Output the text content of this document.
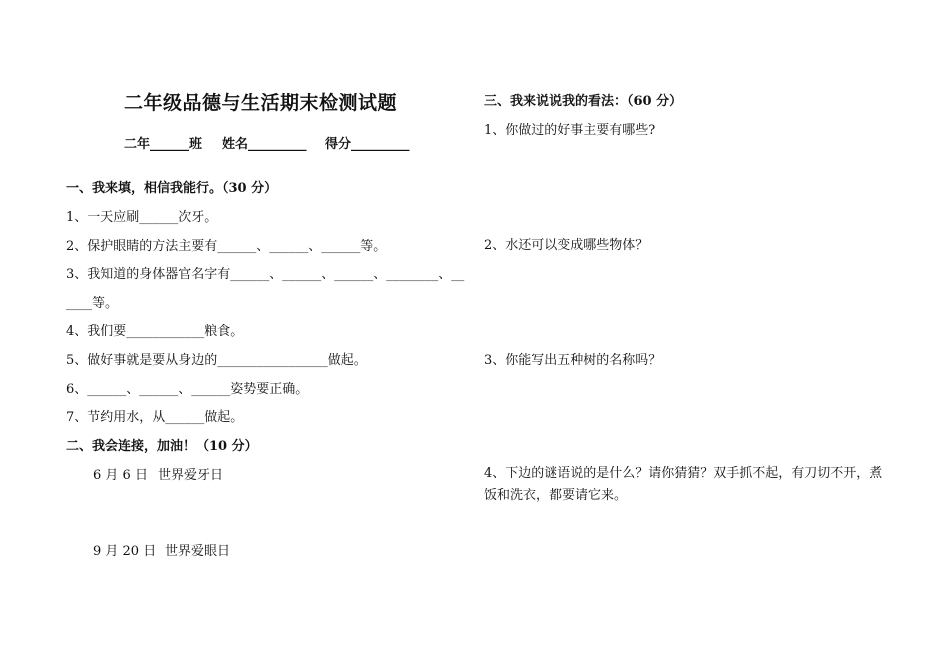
二年级品德与生活期末检测试题
二年______班 姓名_________ 得分_________
一、我来填，相信我能行。（30 分）
1、一天应刷______次牙。
2、保护眼睛的方法主要有______、______、______等。
3、我知道的身体器官名字有______、______、______、________、__
____等。
4、我们要____________粮食。
5、做好事就是要从身边的_________________做起。
6、______、______、______姿势要正确。
7、节约用水，从______做起。
二、我会连接，加油！（10 分）
6 月 6 日 世界爱牙日
9 月 20 日 世界爱眼日
三、我来说说我的看法：（60 分）
1、你做过的好事主要有哪些?
2、水还可以变成哪些物体？
3、你能写出五种树的名称吗？
4、下边的谜语说的是什么？请你猜猜？双手抓不起，有刀切不开，煮饭和洗衣，都要请它来。
